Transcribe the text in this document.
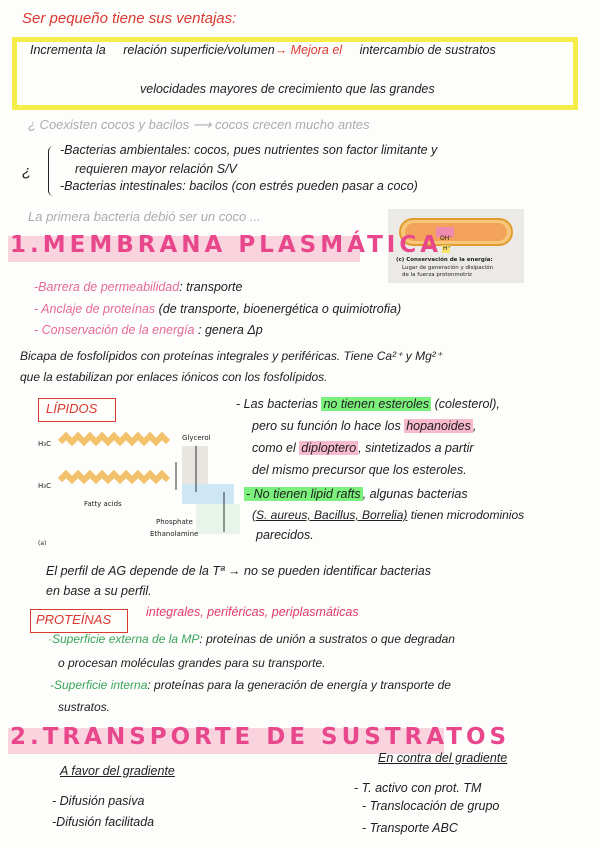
Ser pequeño tiene sus ventajas:
Incrementa la relación superficie/volumen→ Mejora el intercambio de sustratos
velocidades mayores de crecimiento que las grandes
¿ Coexisten cocos y bacilos ⟶ cocos crecen mucho antes
¿
-Bacterias ambientales: cocos, pues nutrientes son factor limitante y
requieren mayor relación S/V
-Bacterias intestinales: bacilos (con estrés pueden pasar a coco)
La primera bacteria debió ser un coco ...
OH⁻
H⁺
(c) Conservación de la energía:
Lugar de generación y disipación
de la fuerza protonmotriz
1.MEMBRANA PLASMÁTICA
-Barrera de permeabilidad: transporte
- Anclaje de proteínas (de transporte, bioenergética o quimiotrofia)
- Conservación de la energía : genera Δp
Bicapa de fosfolípidos con proteínas integrales y periféricas. Tiene Ca²⁺ y Mg²⁺
que la estabilizan por enlaces iónicos con los fosfolípidos.
LÍPIDOS
Glycerol
H₃C
H₃C
Fatty acids
Phosphate
Ethanolamine
(a)
- Las bacterias no tienen esteroles (colesterol),
pero su función lo hace los hopanoides ,
como el diploptero , sintetizados a partir
del mismo precursor que los esteroles.
- No tienen lipid rafts , algunas bacterias
(S. aureus, Bacillus, Borrelia) tienen microdominios
parecidos.
El perfil de AG depende de la Tª → no se pueden identificar bacterias
en base a su perfil.
PROTEÍNAS	integrales, periféricas, periplasmáticas
·Superficie externa de la MP: proteínas de unión a sustratos o que degradan
o procesan moléculas grandes para su transporte.
-Superficie interna: proteínas para la generación de energía y transporte de
sustratos.
2.TRANSPORTE DE SUSTRATOS
A favor del gradiente
- Difusión pasiva
-Difusión facilitada
En contra del gradiente
- T. activo con prot. TM
- Translocación de grupo
- Transporte ABC
